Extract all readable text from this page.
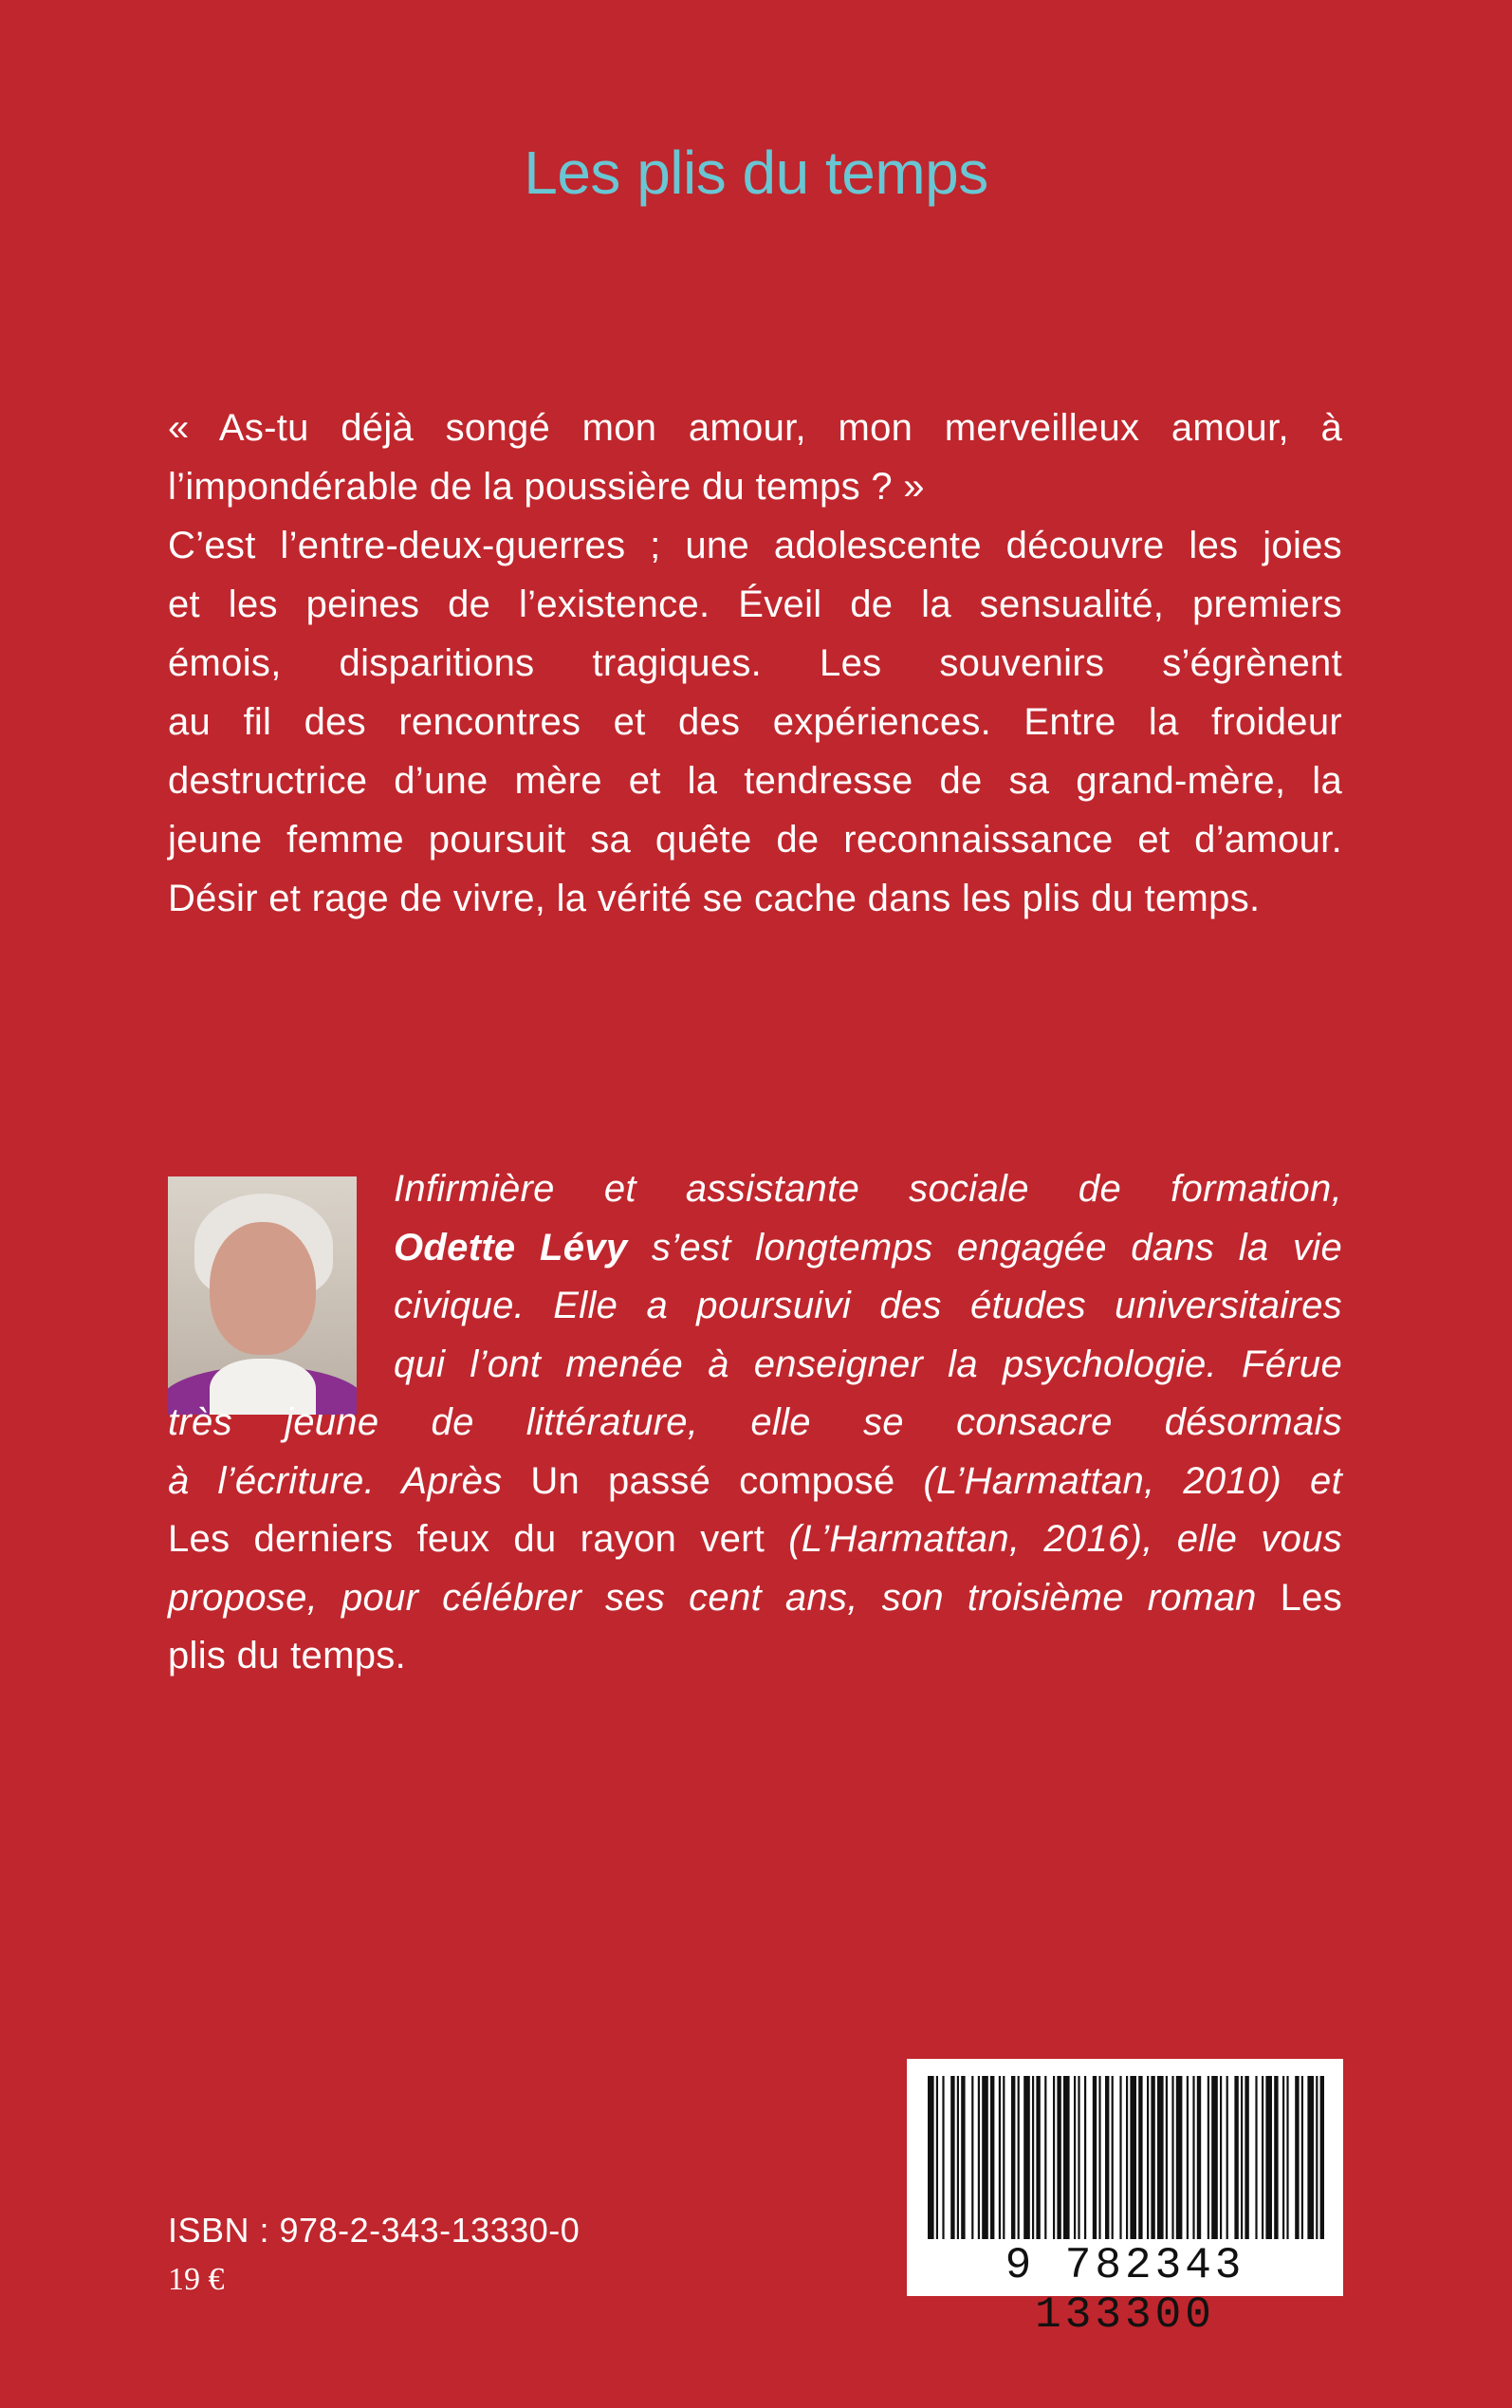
Les plis du temps
« As-tu déjà songé mon amour, mon merveilleux amour, à
l’impondérable de la poussière du temps ? »
C’est l’entre-deux-guerres ; une adolescente découvre les joies
et les peines de l’existence. Éveil de la sensualité, premiers
émois, disparitions tragiques. Les souvenirs s’égrènent
au fil des rencontres et des expériences. Entre la froideur
destructrice d’une mère et la tendresse de sa grand-mère, la
jeune femme poursuit sa quête de reconnaissance et d’amour.
Désir et rage de vivre, la vérité se cache dans les plis du temps.
Infirmière et assistante sociale de formation,
Odette Lévy s’est longtemps engagée dans la vie
civique. Elle a poursuivi des études universitaires
qui l’ont menée à enseigner la psychologie. Férue
très jeune de littérature, elle se consacre désormais
à l’écriture. Après Un passé composé (L’Harmattan, 2010) et
Les derniers feux du rayon vert (L’Harmattan, 2016), elle vous
propose, pour célébrer ses cent ans, son troisième roman Les
plis du temps.
ISBN : 978-2-343-13330-0
19 €	9 782343 133300
